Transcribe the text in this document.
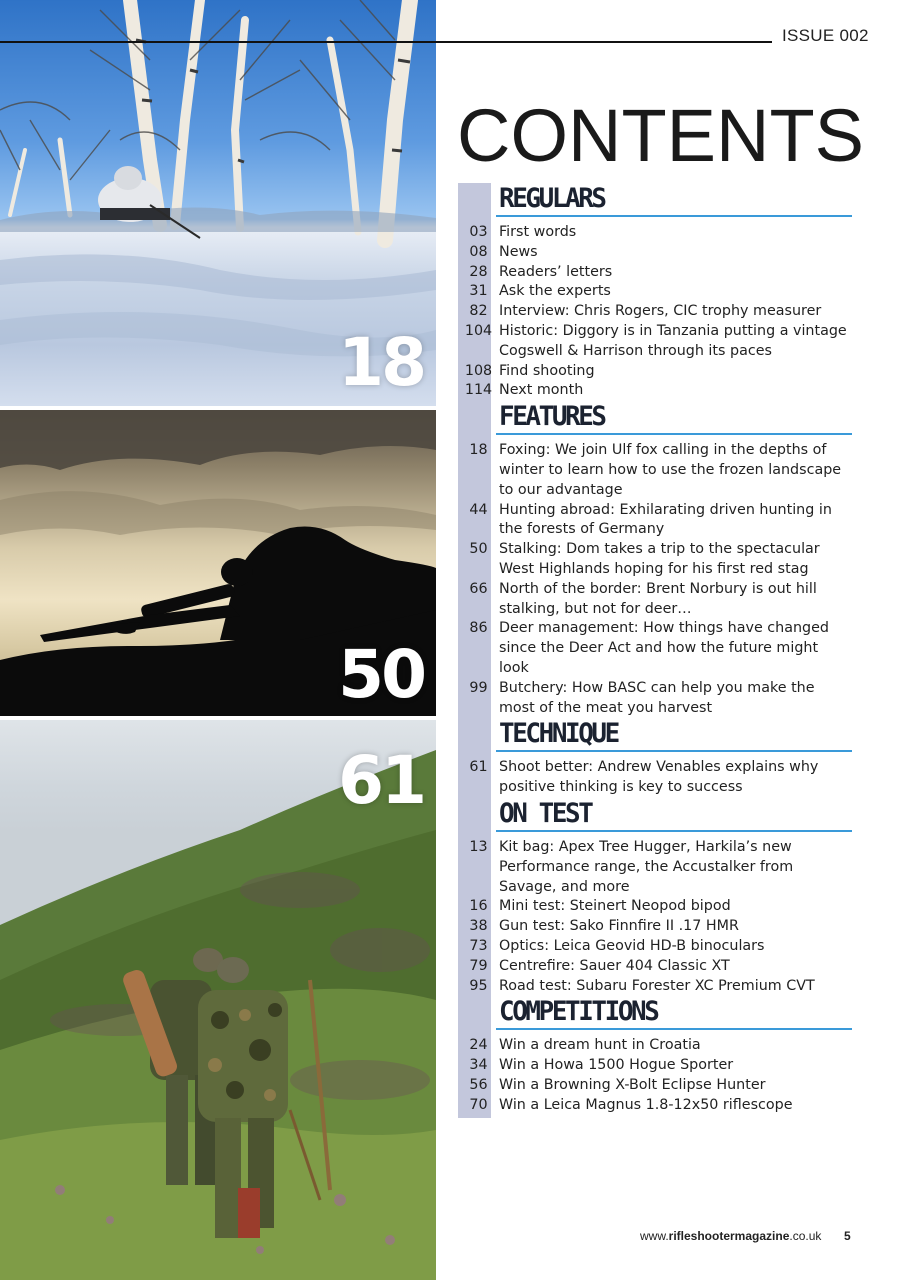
18
50
61
ISSUE 002
CONTENTS
REGULARS
03 First words
08 News
28 Readers’ letters
31 Ask the experts
82 Interview: Chris Rogers, CIC trophy measurer
104 Historic: Diggory is in Tanzania putting a vintage Cogswell & Harrison through its paces
108 Find shooting
114 Next month
FEATURES
18 Foxing: We join Ulf fox calling in the depths of winter to learn how to use the frozen landscape to our advantage
44 Hunting abroad: Exhilarating driven hunting in the forests of Germany
50 Stalking: Dom takes a trip to the spectacular West Highlands hoping for his first red stag
66 North of the border: Brent Norbury is out hill stalking, but not for deer…
86 Deer management: How things have changed since the Deer Act and how the future might look
99 Butchery: How BASC can help you make the most of the meat you harvest
TECHNIQUE
61 Shoot better: Andrew Venables explains why positive thinking is key to success
ON TEST
13 Kit bag: Apex Tree Hugger, Harkila’s new Performance range, the Accustalker from Savage, and more
16 Mini test: Steinert Neopod bipod
38 Gun test: Sako Finnfire II .17 HMR
73 Optics: Leica Geovid HD-B binoculars
79 Centrefire: Sauer 404 Classic XT
95 Road test: Subaru Forester XC Premium CVT
COMPETITIONS
24 Win a dream hunt in Croatia
34 Win a Howa 1500 Hogue Sporter
56 Win a Browning X-Bolt Eclipse Hunter
70 Win a Leica Magnus 1.8-12x50 riflescope
www.rifleshootermagazine.co.uk 5
